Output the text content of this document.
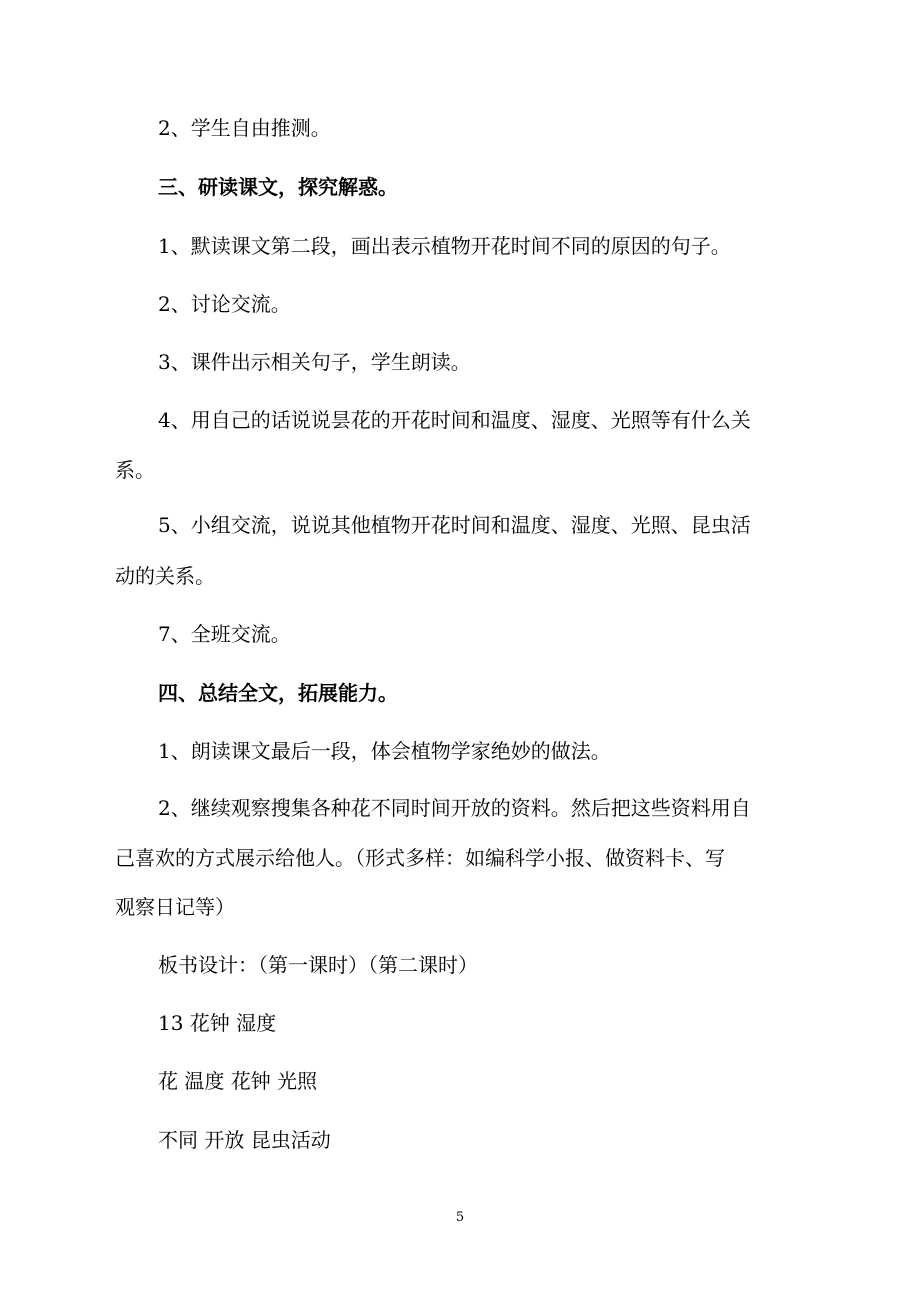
2、学生自由推测。
三、研读课文，探究解惑。
1、默读课文第二段，画出表示植物开花时间不同的原因的句子。
2、讨论交流。
3、课件出示相关句子，学生朗读。
4、用自己的话说说昙花的开花时间和温度、湿度、光照等有什么关
系。
5、小组交流，说说其他植物开花时间和温度、湿度、光照、昆虫活
动的关系。
7、全班交流。
四、总结全文，拓展能力。
1、朗读课文最后一段，体会植物学家绝妙的做法。
2、继续观察搜集各种花不同时间开放的资料。然后把这些资料用自
己喜欢的方式展示给他人。（形式多样：如编科学小报、做资料卡、写
观察日记等）
板书设计：（第一课时）（第二课时）
13 花钟 湿度
花 温度 花钟 光照
不同 开放 昆虫活动
5
